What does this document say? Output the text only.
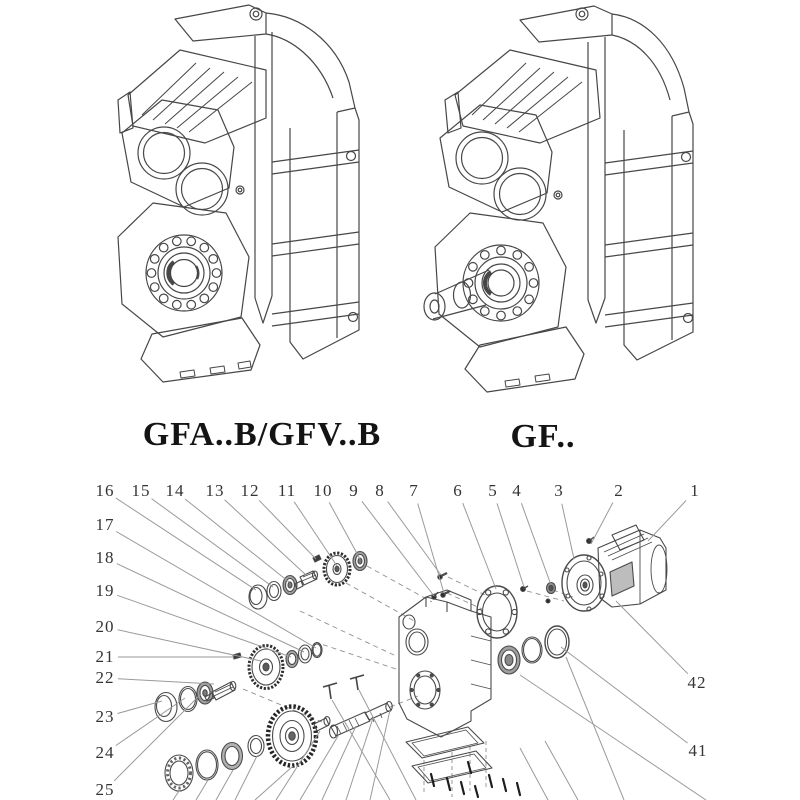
GFA..B/GFV..B	GF..
1
2
3
4
5
6
7
8
9
10
11
12
13
14
15
16
17
18
19
20
21
22
23
24
25
41
42
